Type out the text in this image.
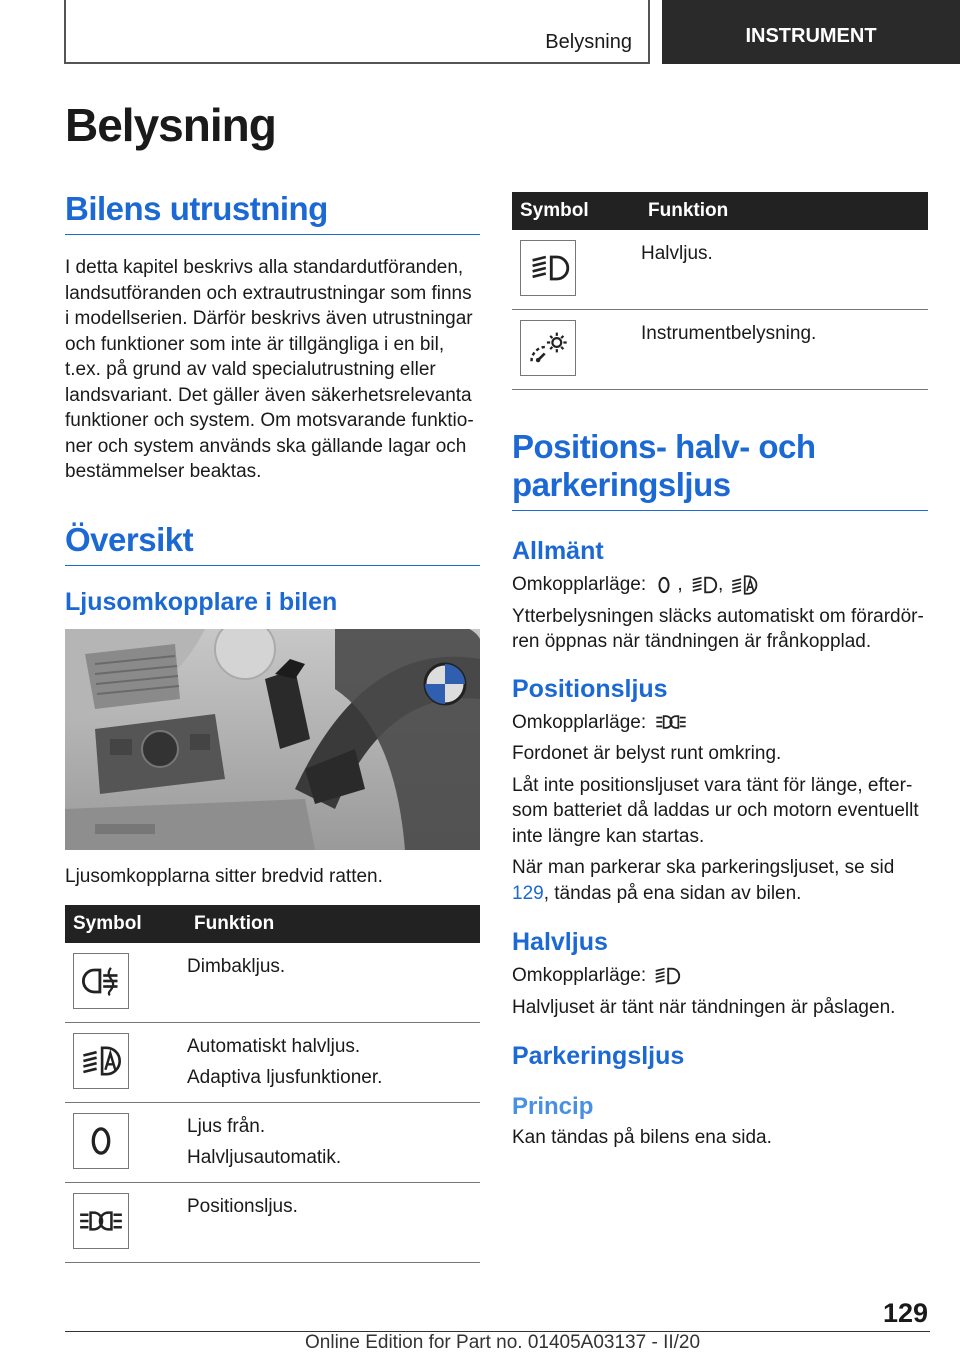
Belysning	INSTRUMENT
Belysning
Bilens utrustning

I detta kapitel beskrivs alla standardutföranden, landsutföranden och extrautrustningar som finns i modellserien. Därför beskrivs även utrustningar och funktioner som inte är tillgängliga i en bil, t.ex. på grund av vald specialutrustning eller landsvariant. Det gäller även säkerhetsrelevanta funktioner och system. Om motsvarande funktioner och system används ska gällande lagar och bestämmelser beaktas.

Översikt
Ljusomkopplare i bilen

Ljusomkopplarna sitter bredvid ratten.

Symbol	Funktion

Dimbakljus.

Automatiskt halvljus.
Adaptiva ljusfunktioner.

Ljus från.
Halvljusautomatik.

Positionsljus.
Symbol	Funktion

Halvljus.

Instrumentbelysning.
Positions- halv- och parkeringsljus
Allmänt

Omkopplarläge: , ,

Ytterbelysningen släcks automatiskt om förardörren öppnas när tändningen är frånkopplad.

Positionsljus

Omkopplarläge:

Fordonet är belyst runt omkring.

Låt inte positionsljuset vara tänt för länge, eftersom batteriet då laddas ur och motorn eventuellt inte längre kan startas.

När man parkerar ska parkeringsljuset, se sid 129, tändas på ena sidan av bilen.

Halvljus

Omkopplarläge:

Halvljuset är tänt när tändningen är påslagen.

Parkeringsljus
Princip

Kan tändas på bilens ena sida.

129
Online Edition for Part no. 01405A03137 - II/20
